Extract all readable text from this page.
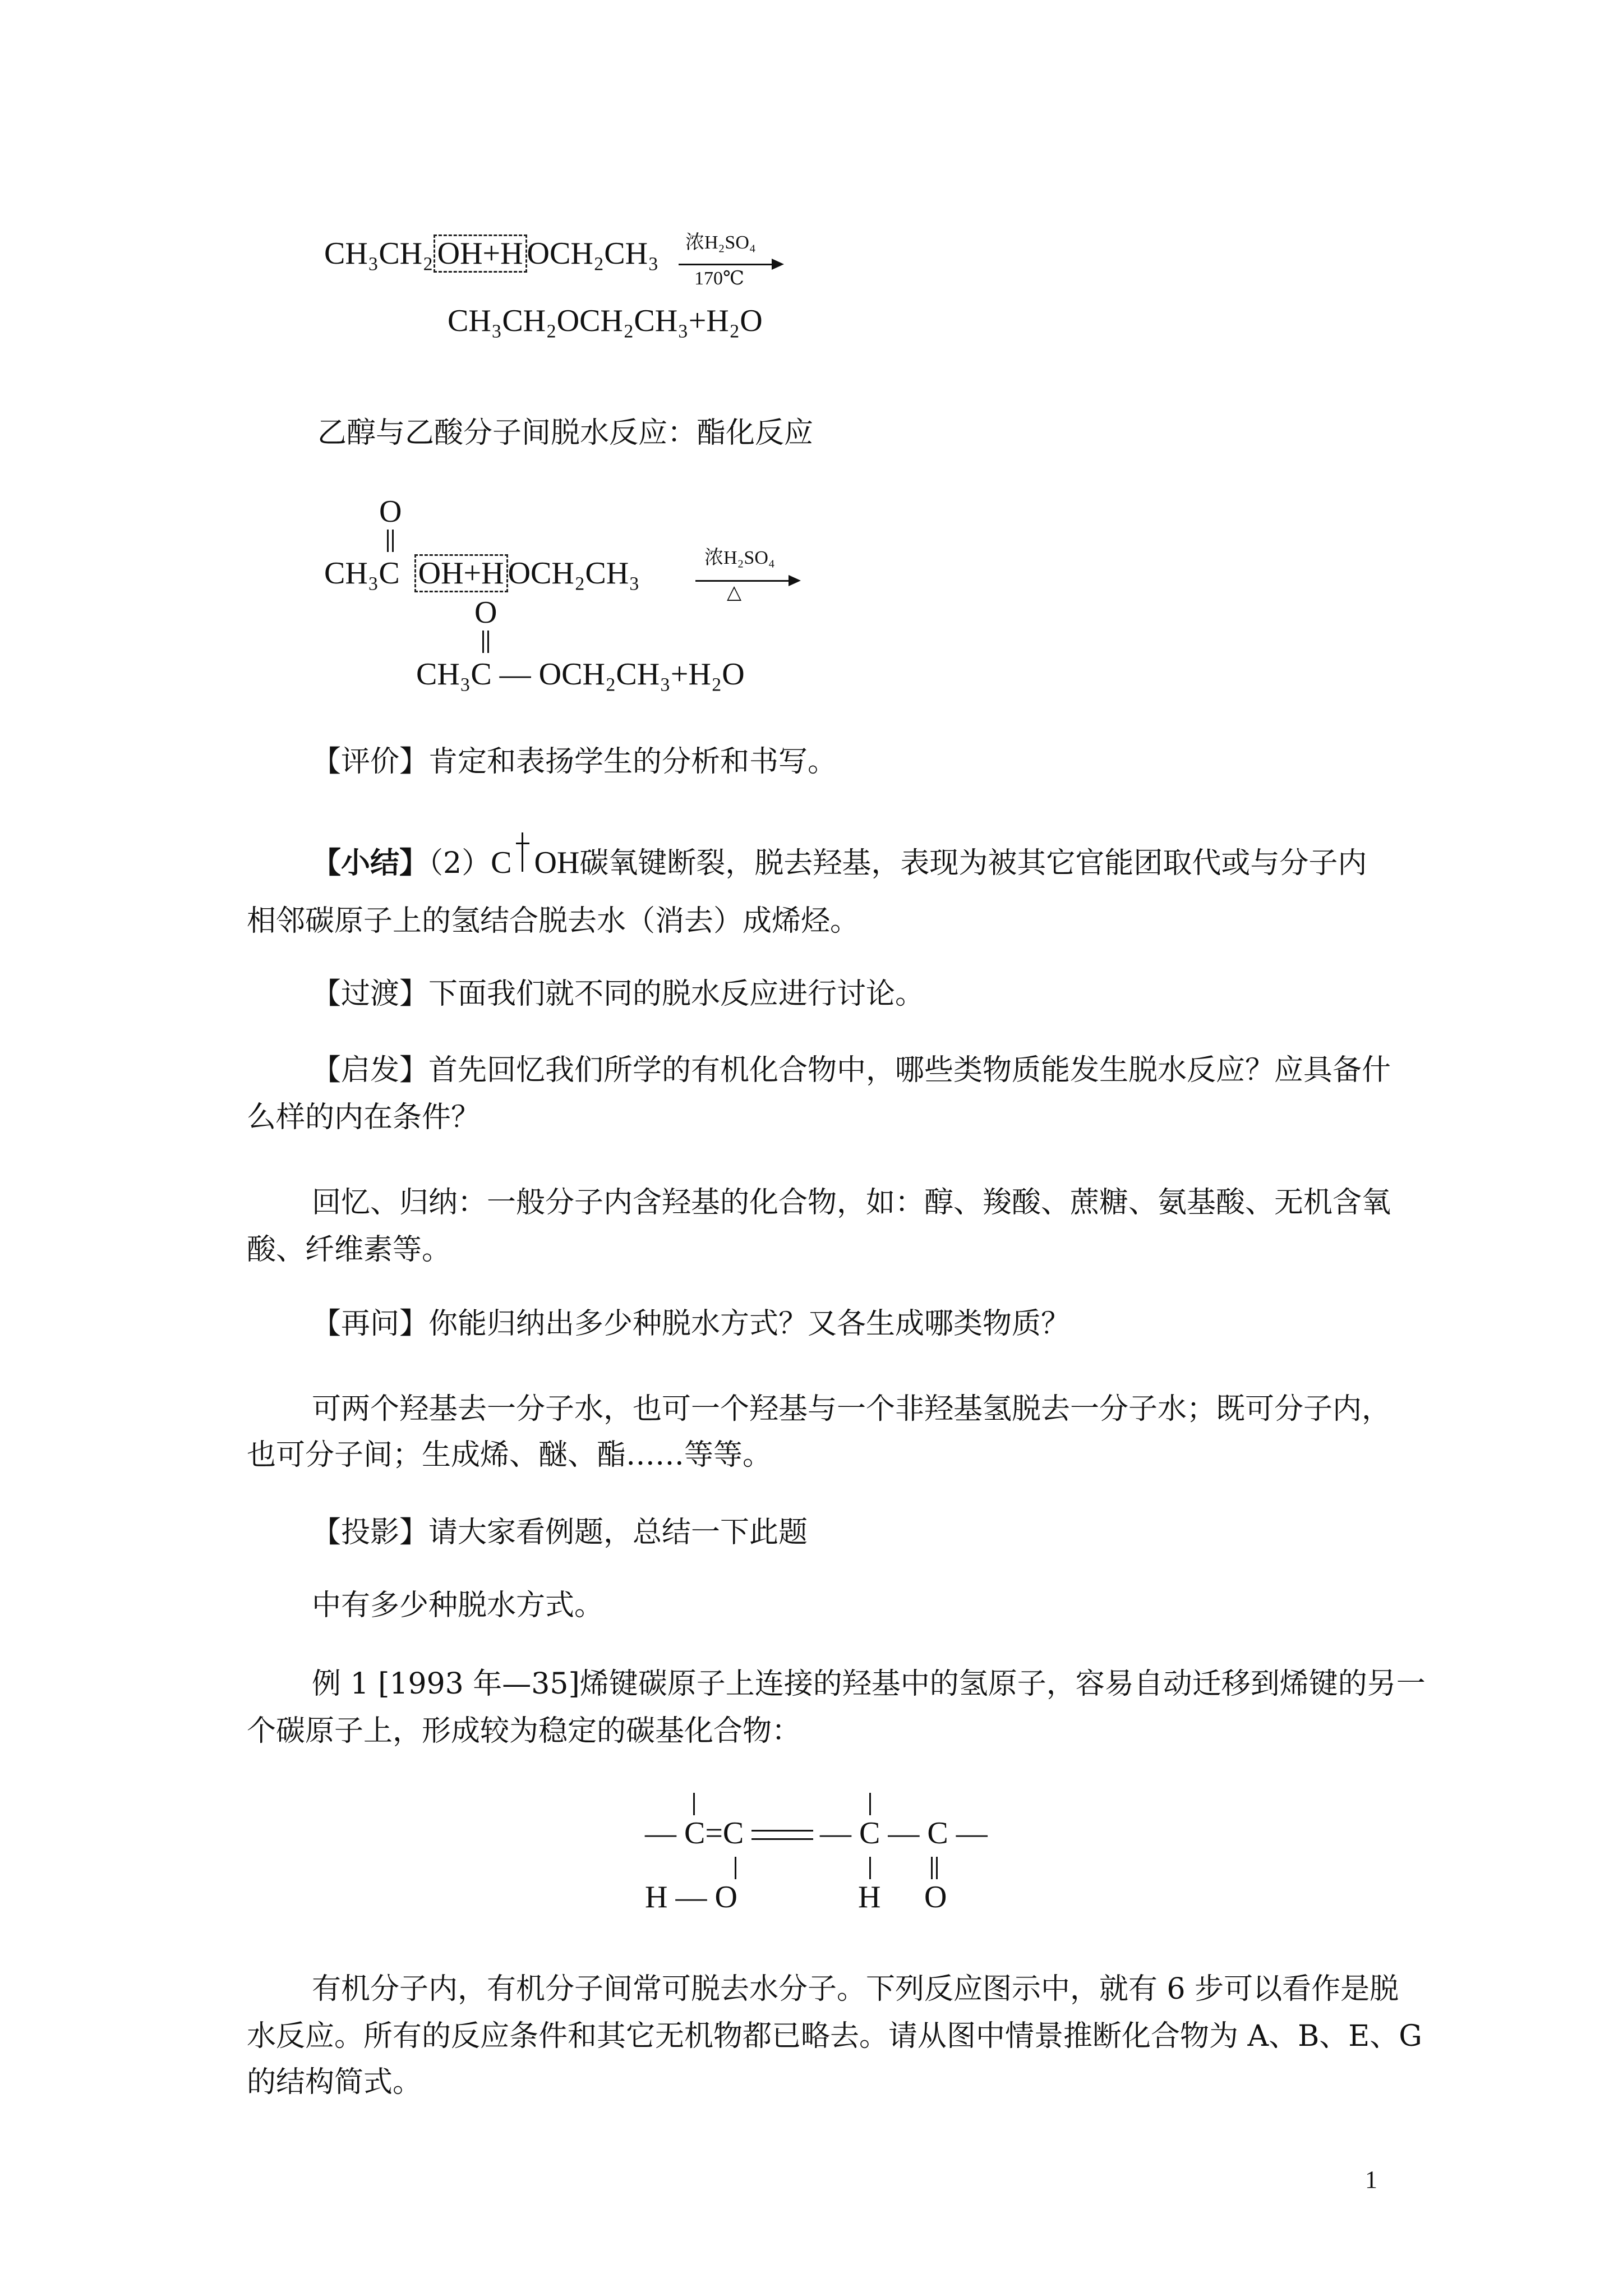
CH₃CH₂ OH+H OCH₂CH₃ 浓H₂SO₄
170℃
CH₃CH₂OCH₂CH₃+H₂O
乙醇与乙酸分子间脱水反应：酯化反应
O
CH₃C OH+H OCH₂CH₃	浓H₂SO₄
△
O
CH₃C — OCH₂CH₃+H₂O
【评价】肯定和表扬学生的分析和书写。
【小结】（2）C OH碳氧键断裂，脱去羟基，表现为被其它官能团取代或与分子内
相邻碳原子上的氢结合脱去水（消去）成烯烃。
【过渡】下面我们就不同的脱水反应进行讨论。
【启发】首先回忆我们所学的有机化合物中，哪些类物质能发生脱水反应？应具备什
么样的内在条件？
回忆、归纳：一般分子内含羟基的化合物，如：醇、羧酸、蔗糖、氨基酸、无机含氧
酸、纤维素等。
【再问】你能归纳出多少种脱水方式？又各生成哪类物质？
可两个羟基去一分子水，也可一个羟基与一个非羟基氢脱去一分子水；既可分子内，
也可分子间；生成烯、醚、酯……等等。
【投影】请大家看例题，总结一下此题
中有多少种脱水方式。
例 1 [1993 年—35]烯键碳原子上连接的羟基中的氢原子，容易自动迁移到烯键的另一
个碳原子上，形成较为稳定的碳基化合物：
— C=C
H — O
— C — C —
H O
有机分子内，有机分子间常可脱去水分子。下列反应图示中，就有 6 步可以看作是脱
水反应。所有的反应条件和其它无机物都已略去。请从图中情景推断化合物为 A、B、E、G
的结构简式。
1
